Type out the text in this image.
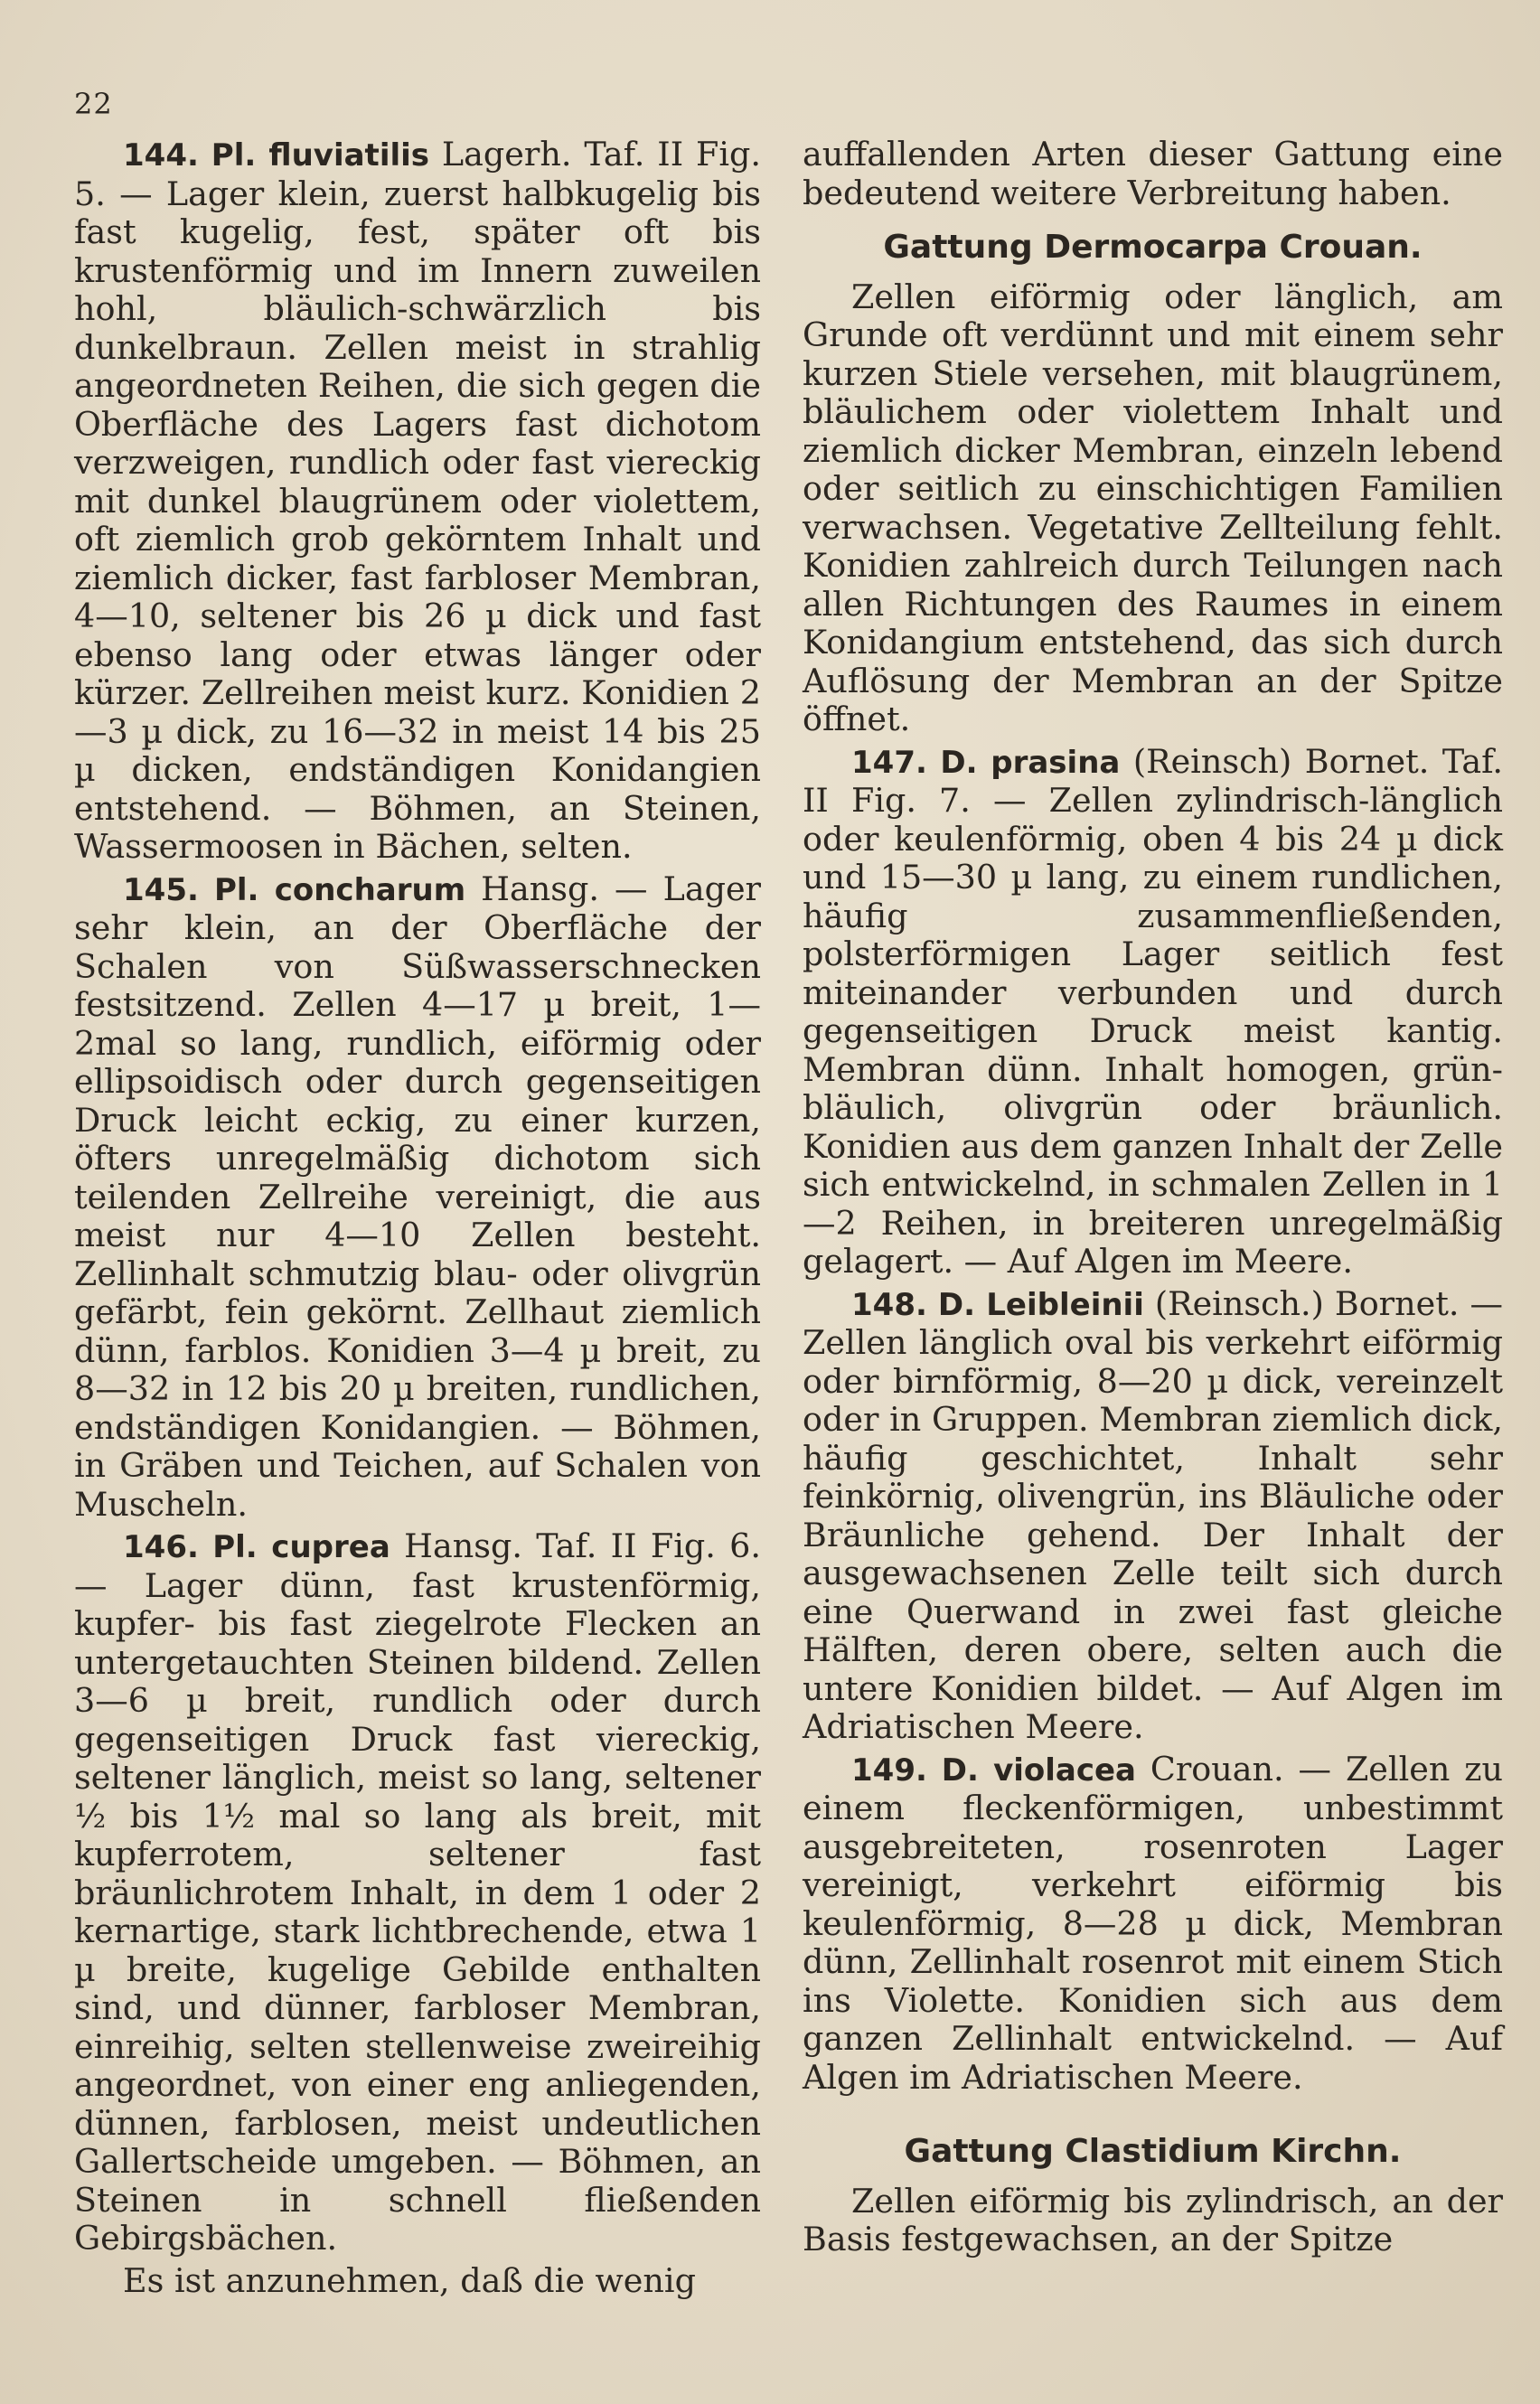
22

144. Pl. fluviatilis Lagerh. Taf. II Fig. 5. — Lager klein, zuerst halbkugelig bis fast kugelig, fest, später oft bis krustenförmig und im Innern zuweilen hohl, bläulich-schwärzlich bis dunkelbraun. Zellen meist in strahlig angeordneten Reihen, die sich gegen die Oberfläche des Lagers fast dichotom verzweigen, rundlich oder fast viereckig mit dunkel blaugrünem oder violettem, oft ziemlich grob gekörntem Inhalt und ziemlich dicker, fast farbloser Membran, 4—10, seltener bis 26 µ dick und fast ebenso lang oder etwas länger oder kürzer. Zellreihen meist kurz. Konidien 2—3 µ dick, zu 16—32 in meist 14 bis 25 µ dicken, endständigen Konidangien entstehend. — Böhmen, an Steinen, Wassermoosen in Bächen, selten.

145. Pl. concharum Hansg. — Lager sehr klein, an der Oberfläche der Schalen von Süßwasserschnecken festsitzend. Zellen 4—17 µ breit, 1—2mal so lang, rundlich, eiförmig oder ellipsoidisch oder durch gegenseitigen Druck leicht eckig, zu einer kurzen, öfters unregelmäßig dichotom sich teilenden Zellreihe vereinigt, die aus meist nur 4—10 Zellen besteht. Zellinhalt schmutzig blau- oder olivgrün gefärbt, fein gekörnt. Zellhaut ziemlich dünn, farblos. Konidien 3—4 µ breit, zu 8—32 in 12 bis 20 µ breiten, rundlichen, endständigen Konidangien. — Böhmen, in Gräben und Teichen, auf Schalen von Muscheln.

146. Pl. cuprea Hansg. Taf. II Fig. 6. — Lager dünn, fast krustenförmig, kupfer- bis fast ziegelrote Flecken an untergetauchten Steinen bildend. Zellen 3—6 µ breit, rundlich oder durch gegenseitigen Druck fast viereckig, seltener länglich, meist so lang, seltener ½ bis 1½ mal so lang als breit, mit kupferrotem, seltener fast bräunlichrotem Inhalt, in dem 1 oder 2 kernartige, stark lichtbrechende, etwa 1 µ breite, kugelige Gebilde enthalten sind, und dünner, farbloser Membran, einreihig, selten stellenweise zweireihig angeordnet, von einer eng anliegenden, dünnen, farblosen, meist undeutlichen Gallertscheide umgeben. — Böhmen, an Steinen in schnell fließenden Gebirgsbächen.

Es ist anzunehmen, daß die wenig

auffallenden Arten dieser Gattung eine bedeutend weitere Verbreitung haben.

Gattung Dermocarpa Crouan.

Zellen eiförmig oder länglich, am Grunde oft verdünnt und mit einem sehr kurzen Stiele versehen, mit blaugrünem, bläulichem oder violettem Inhalt und ziemlich dicker Membran, einzeln lebend oder seitlich zu einschichtigen Familien verwachsen. Vegetative Zellteilung fehlt. Konidien zahlreich durch Teilungen nach allen Richtungen des Raumes in einem Konidangium entstehend, das sich durch Auflösung der Membran an der Spitze öffnet.

147. D. prasina (Reinsch) Bornet. Taf. II Fig. 7. — Zellen zylindrisch-länglich oder keulenförmig, oben 4 bis 24 µ dick und 15—30 µ lang, zu einem rundlichen, häufig zusammenfließenden, polsterförmigen Lager seitlich fest miteinander verbunden und durch gegenseitigen Druck meist kantig. Membran dünn. Inhalt homogen, grün-bläulich, olivgrün oder bräunlich. Konidien aus dem ganzen Inhalt der Zelle sich entwickelnd, in schmalen Zellen in 1—2 Reihen, in breiteren unregelmäßig gelagert. — Auf Algen im Meere.

148. D. Leibleinii (Reinsch.) Bornet. — Zellen länglich oval bis verkehrt eiförmig oder birnförmig, 8—20 µ dick, vereinzelt oder in Gruppen. Membran ziemlich dick, häufig geschichtet, Inhalt sehr feinkörnig, olivengrün, ins Bläuliche oder Bräunliche gehend. Der Inhalt der ausgewachsenen Zelle teilt sich durch eine Querwand in zwei fast gleiche Hälften, deren obere, selten auch die untere Konidien bildet. — Auf Algen im Adriatischen Meere.

149. D. violacea Crouan. — Zellen zu einem fleckenförmigen, unbestimmt ausgebreiteten, rosenroten Lager vereinigt, verkehrt eiförmig bis keulenförmig, 8—28 µ dick, Membran dünn, Zellinhalt rosenrot mit einem Stich ins Violette. Konidien sich aus dem ganzen Zellinhalt entwickelnd. — Auf Algen im Adriatischen Meere.

Gattung Clastidium Kirchn.

Zellen eiförmig bis zylindrisch, an der Basis festgewachsen, an der Spitze
